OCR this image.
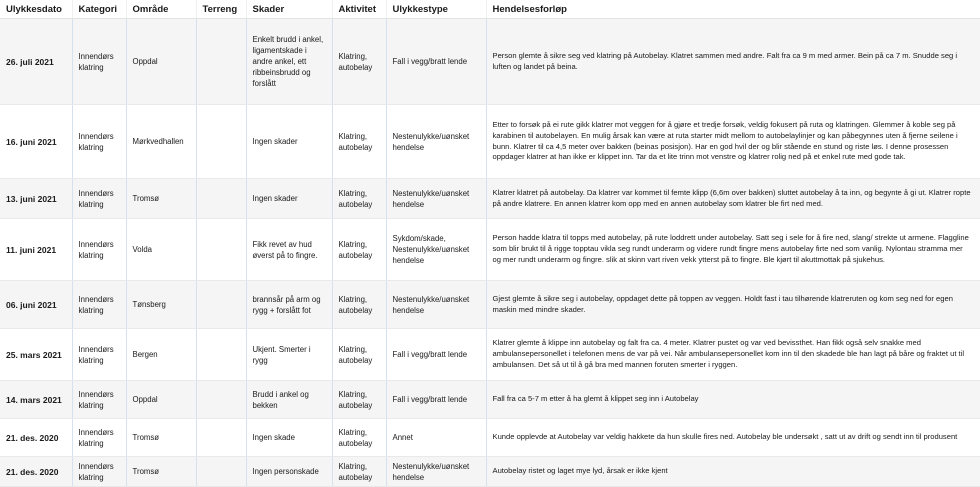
Ulykkesdato	Kategori	Område	Terreng	Skader	Aktivitet	Ulykkestype	Hendelsesforløp
26. juli 2021	Innendørs klatring	Oppdal		Enkelt brudd i ankel, ligamentskade i andre ankel, ett ribbeinsbrudd og forslått	Klatring, autobelay	Fall i vegg/bratt lende	Person glemte å sikre seg ved klatring på Autobelay. Klatret sammen med andre. Falt fra ca 9 m med armer. Bein på ca 7 m. Snudde seg i luften og landet på beina.
16. juni 2021	Innendørs klatring	Mørkvedhallen		Ingen skader	Klatring, autobelay	Nestenulykke/uønsket hendelse	Etter to forsøk på ei rute gikk klatrer mot veggen for å gjøre et tredje forsøk, veldig fokusert på ruta og klatringen. Glemmer å koble seg på karabinen til autobelayen. En mulig årsak kan være at ruta starter midt mellom to autobelaylinjer og kan påbegynnes uten å fjerne seilene i bunn. Klatrer til ca 4,5 meter over bakken (beinas posisjon). Har en god hvil der og blir stående en stund og riste løs. I denne prosessen oppdager klatrer at han ikke er klippet inn. Tar da et lite trinn mot venstre og klatrer rolig ned på et enkel rute med gode tak.
13. juni 2021	Innendørs klatring	Tromsø		Ingen skader	Klatring, autobelay	Nestenulykke/uønsket hendelse	Klatrer klatret på autobelay. Da klatrer var kommet til femte klipp (6,6m over bakken) sluttet autobelay å ta inn, og begynte å gi ut. Klatrer ropte på andre klatrere. En annen klatrer kom opp med en annen autobelay som klatrer ble firt ned med.
11. juni 2021	Innendørs klatring	Volda		Fikk revet av hud øverst på to fingre.	Klatring, autobelay	Sykdom/skade, Nestenulykke/uønsket hendelse	Person hadde klatra til topps med autobelay, på rute loddrett under autobelay. Satt seg i sele for å fire ned, slang/ strekte ut armene. Flaggline som blir brukt til å rigge topptau vikla seg rundt underarm og videre rundt fingre mens autobelay firte ned som vanlig. Nylontau stramma mer og mer rundt underarm og fingre. slik at skinn vart riven vekk ytterst på to fingre. Ble kjørt til akuttmottak på sjukehus.
06. juni 2021	Innendørs klatring	Tønsberg		brannsår på arm og rygg + forslått fot	Klatring, autobelay	Nestenulykke/uønsket hendelse	Gjest glemte å sikre seg i autobelay, oppdaget dette på toppen av veggen. Holdt fast i tau tilhørende klatreruten og kom seg ned for egen maskin med mindre skader.
25. mars 2021	Innendørs klatring	Bergen		Ukjent. Smerter i rygg	Klatring, autobelay	Fall i vegg/bratt lende	Klatrer glemte å klippe inn autobelay og falt fra ca. 4 meter. Klatrer pustet og var ved bevissthet. Han fikk også selv snakke med ambulansepersonellet i telefonen mens de var på vei. Når ambulansepersonellet kom inn til den skadede ble han lagt på båre og fraktet ut til ambulansen. Det så ut til å gå bra med mannen foruten smerter i ryggen.
14. mars 2021	Innendørs klatring	Oppdal		Brudd i ankel og bekken	Klatring, autobelay	Fall i vegg/bratt lende	Fall fra ca 5-7 m etter å ha glemt å klippet seg inn i Autobelay
21. des. 2020	Innendørs klatring	Tromsø		Ingen skade	Klatring, autobelay	Annet	Kunde opplevde at Autobelay var veldig hakkete da hun skulle fires ned. Autobelay ble undersøkt , satt ut av drift og sendt inn til produsent
21. des. 2020	Innendørs klatring	Tromsø		Ingen personskade	Klatring, autobelay	Nestenulykke/uønsket hendelse	Autobelay ristet og laget mye lyd, årsak er ikke kjent
